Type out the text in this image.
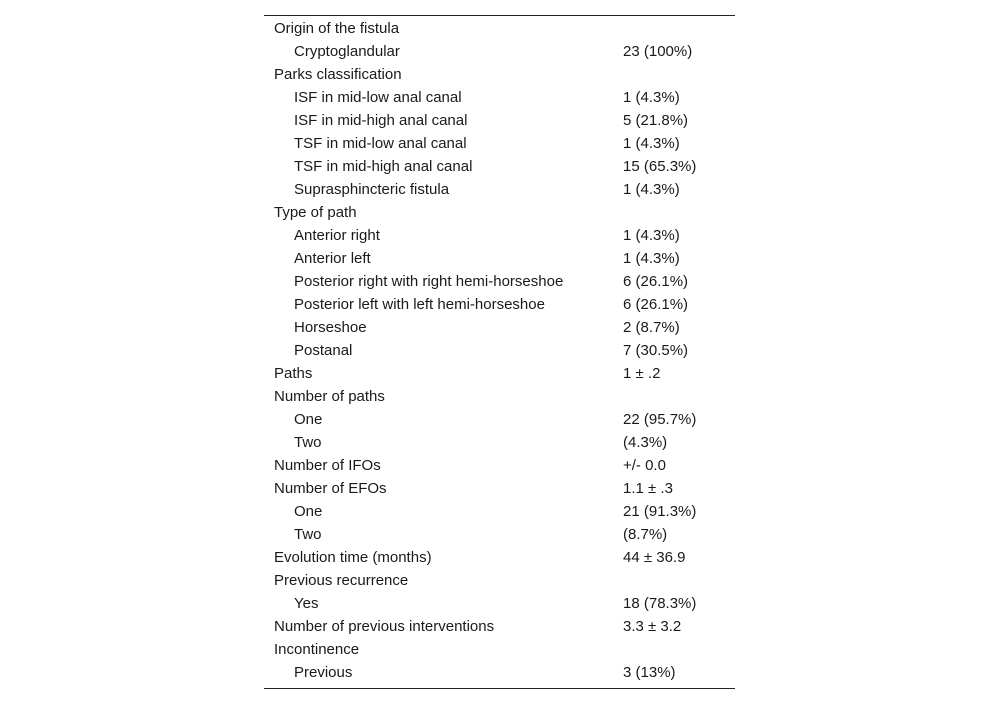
Origin of the fistula
Cryptoglandular	23 (100%)
Parks classification
ISF in mid-low anal canal	1 (4.3%)
ISF in mid-high anal canal	5 (21.8%)
TSF in mid-low anal canal	1 (4.3%)
TSF in mid-high anal canal	15 (65.3%)
Suprasphincteric fistula	1 (4.3%)
Type of path
Anterior right	1 (4.3%)
Anterior left	1 (4.3%)
Posterior right with right hemi-horseshoe	6 (26.1%)
Posterior left with left hemi-horseshoe	6 (26.1%)
Horseshoe	2 (8.7%)
Postanal	7 (30.5%)
Paths	1 ± .2
Number of paths
One	22 (95.7%)
Two	(4.3%)
Number of IFOs	+/- 0.0
Number of EFOs	1.1 ± .3
One	21 (91.3%)
Two	(8.7%)
Evolution time (months)	44 ± 36.9
Previous recurrence
Yes	18 (78.3%)
Number of previous interventions	3.3 ± 3.2
Incontinence
Previous	3 (13%)
